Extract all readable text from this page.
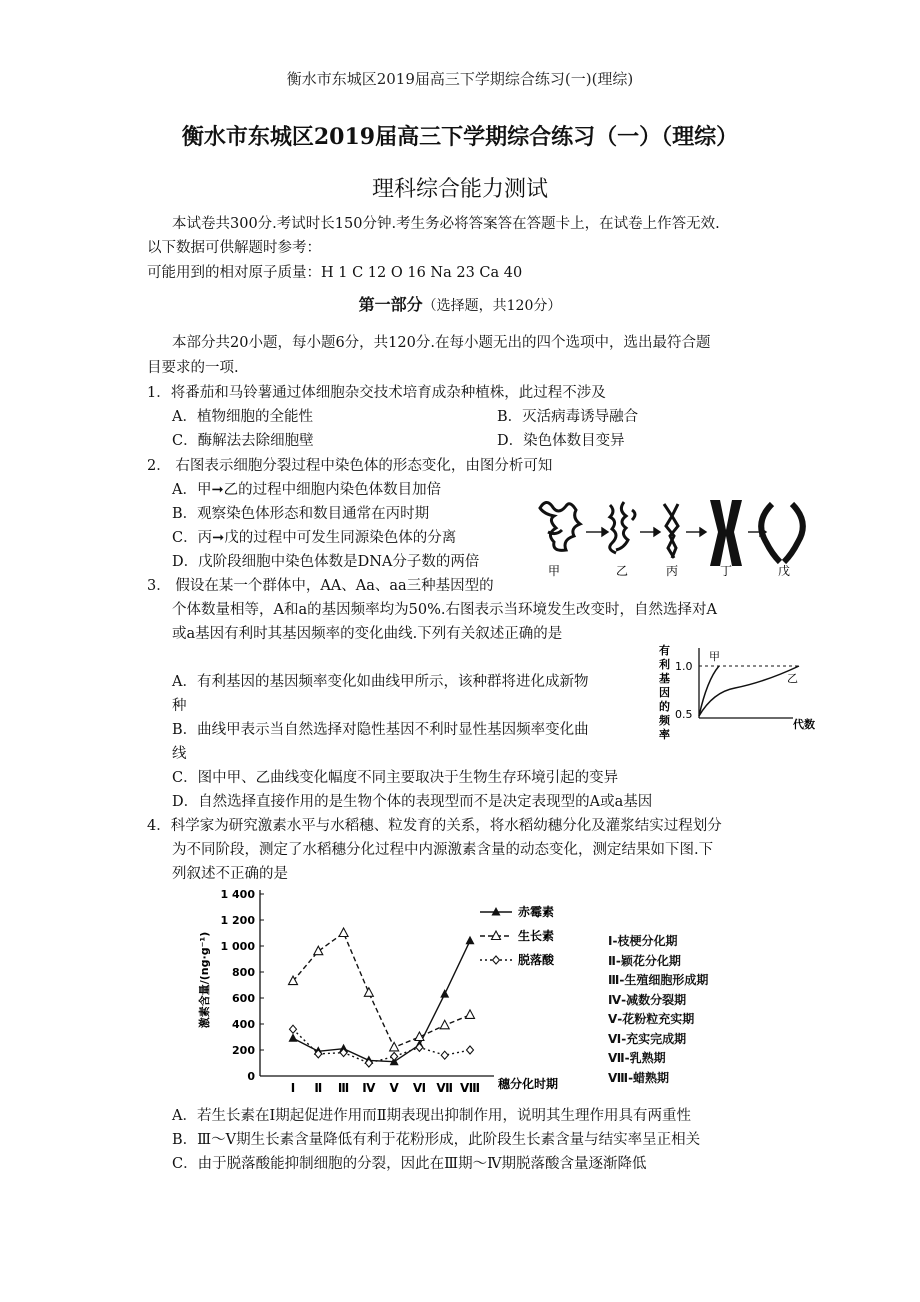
衡水市东城区2019届高三下学期综合练习(一)(理综)
衡水市东城区2019届高三下学期综合练习（一）（理综）
理科综合能力测试
本试卷共300分.考试时长150分钟.考生务必将答案答在答题卡上，在试卷上作答无效.
以下数据可供解题时参考：
可能用到的相对原子质量：H 1 C 12 O 16 Na 23 Ca 40
第一部分（选择题，共120分）
本部分共20小题，每小题6分，共120分.在每小题无出的四个选项中，选出最符合题
目要求的一项.
1．将番茄和马铃薯通过体细胞杂交技术培育成杂种植株，此过程不涉及
A．植物细胞的全能性	B．灭活病毒诱导融合
C．酶解法去除细胞壁	D．染色体数目变异
2． 右图表示细胞分裂过程中染色体的形态变化，由图分析可知
A．甲➞乙的过程中细胞内染色体数目加倍
B．观察染色体形态和数目通常在丙时期
C．丙➞戊的过程中可发生同源染色体的分离
D．戊阶段细胞中染色体数是DNA分子数的两倍
甲	乙	丙	丁	戊
3． 假设在某一个群体中，AA、Aa、aa三种基因型的
个体数量相等，A和a的基因频率均为50%.右图表示当环境发生改变时，自然选择对A
或a基因有利时其基因频率的变化曲线.下列有关叙述正确的是
A．有利基因的基因频率变化如曲线甲所示，该种群将进化成新物
种
B．曲线甲表示当自然选择对隐性基因不利时显性基因频率变化曲
线
C．图中甲、乙曲线变化幅度不同主要取决于生物生存环境引起的变异
D．自然选择直接作用的是生物个体的表现型而不是决定表现型的A或a基因
有
利
基
因
的
频
率
1.0
0.5
甲
乙
代数
4．科学家为研究激素水平与水稻穗、粒发育的关系，将水稻幼穗分化及灌浆结实过程划分
为不同阶段，测定了水稻穗分化过程中内源激素含量的动态变化，测定结果如下图.下
列叙述不正确的是
激素含量/(ng·g⁻¹)
0
200
400
600
800
1 000
1 200
1 400
Ⅰ Ⅱ Ⅲ Ⅳ Ⅴ Ⅵ Ⅶ Ⅷ
赤霉素
生长素
脱落酸
穗分化时期
Ⅰ-枝梗分化期
Ⅱ-颖花分化期
Ⅲ-生殖细胞形成期
Ⅳ-减数分裂期
Ⅴ-花粉粒充实期
Ⅵ-充实完成期
Ⅶ-乳熟期
Ⅷ-蜡熟期
A．若生长素在Ⅰ期起促进作用而Ⅱ期表现出抑制作用，说明其生理作用具有两重性
B．Ⅲ～Ⅴ期生长素含量降低有利于花粉形成，此阶段生长素含量与结实率呈正相关
C．由于脱落酸能抑制细胞的分裂，因此在Ⅲ期～Ⅳ期脱落酸含量逐渐降低
